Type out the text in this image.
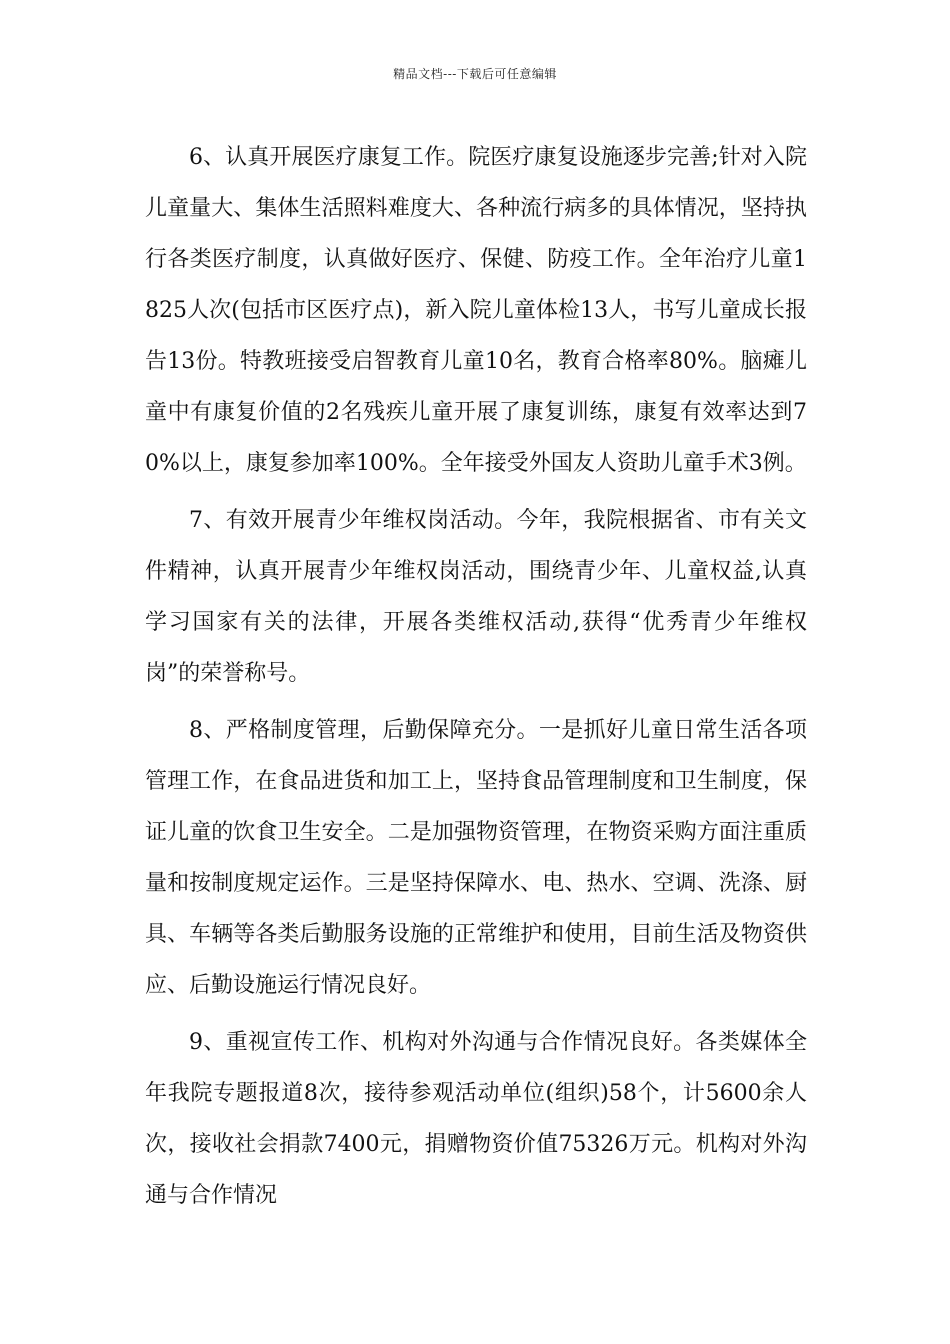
精品文档---下载后可任意编辑

6、认真开展医疗康复工作。院医疗康复设施逐步完善;针对入院儿童量大、集体生活照料难度大、各种流行病多的具体情况，坚持执行各类医疗制度，认真做好医疗、保健、防疫工作。全年治疗儿童1825人次(包括市区医疗点)，新入院儿童体检13人，书写儿童成长报告13份。特教班接受启智教育儿童10名，教育合格率80%。脑瘫儿童中有康复价值的2名残疾儿童开展了康复训练，康复有效率达到70%以上，康复参加率100%。全年接受外国友人资助儿童手术3例。

7、有效开展青少年维权岗活动。今年，我院根据省、市有关文件精神，认真开展青少年维权岗活动，围绕青少年、儿童权益,认真学习国家有关的法律，开展各类维权活动,获得“优秀青少年维权岗”的荣誉称号。

8、严格制度管理，后勤保障充分。一是抓好儿童日常生活各项管理工作，在食品进货和加工上，坚持食品管理制度和卫生制度，保证儿童的饮食卫生安全。二是加强物资管理，在物资采购方面注重质量和按制度规定运作。三是坚持保障水、电、热水、空调、洗涤、厨具、车辆等各类后勤服务设施的正常维护和使用，目前生活及物资供应、后勤设施运行情况良好。

9、重视宣传工作、机构对外沟通与合作情况良好。各类媒体全年我院专题报道8次，接待参观活动单位(组织)58个，计5600余人次，接收社会捐款7400元，捐赠物资价值75326万元。机构对外沟通与合作情况
